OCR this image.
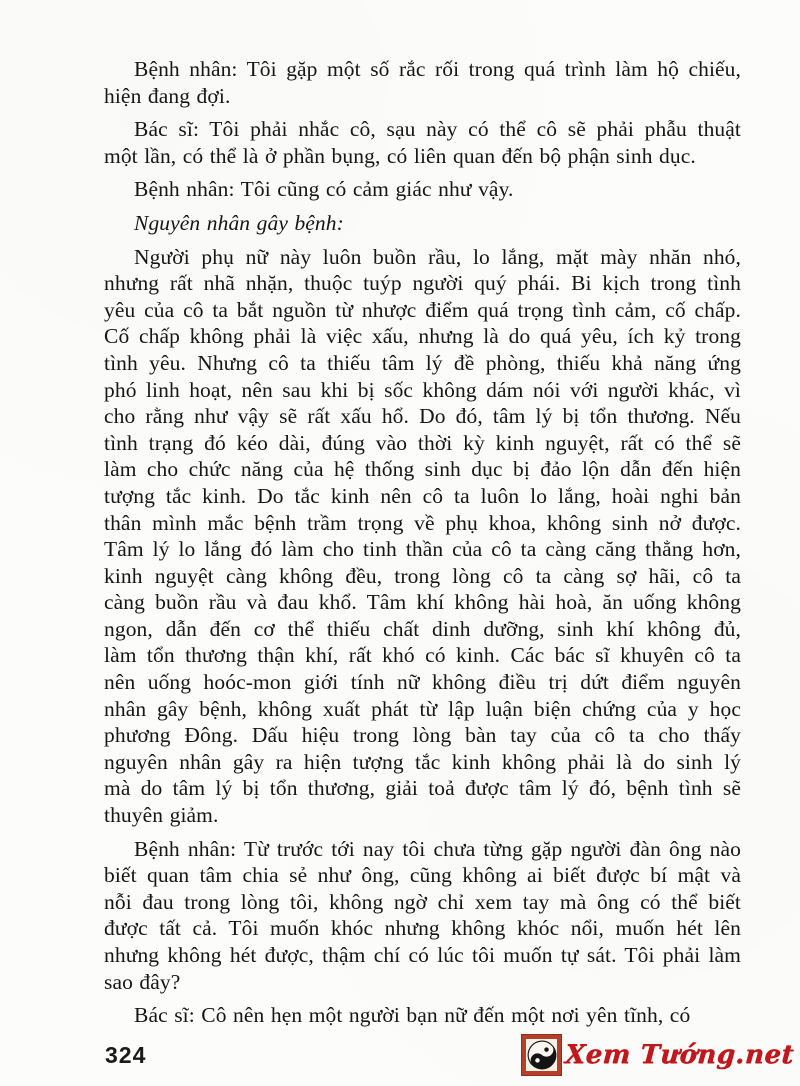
Bệnh nhân: Tôi gặp một số rắc rối trong quá trình làm hộ chiếu,
hiện đang đợi.
Bác sĩ: Tôi phải nhắc cô, sạu này có thể cô sẽ phải phẫu thuật
một lần, có thể là ở phần bụng, có liên quan đến bộ phận sinh dục.
Bệnh nhân: Tôi cũng có cảm giác như vậy.
Nguyên nhân gây bệnh:
Người phụ nữ này luôn buồn rầu, lo lắng, mặt mày nhăn nhó,
nhưng rất nhã nhặn, thuộc tuýp người quý phái. Bi kịch trong tình
yêu của cô ta bắt nguồn từ nhược điểm quá trọng tình cảm, cố chấp.
Cố chấp không phải là việc xấu, nhưng là do quá yêu, ích kỷ trong
tình yêu. Nhưng cô ta thiếu tâm lý đề phòng, thiếu khả năng ứng
phó linh hoạt, nên sau khi bị sốc không dám nói với người khác, vì
cho rằng như vậy sẽ rất xấu hổ. Do đó, tâm lý bị tổn thương. Nếu
tình trạng đó kéo dài, đúng vào thời kỳ kinh nguyệt, rất có thể sẽ
làm cho chức năng của hệ thống sinh dục bị đảo lộn dẫn đến hiện
tượng tắc kinh. Do tắc kinh nên cô ta luôn lo lắng, hoài nghi bản
thân mình mắc bệnh trầm trọng về phụ khoa, không sinh nở được.
Tâm lý lo lắng đó làm cho tinh thần của cô ta càng căng thẳng hơn,
kinh nguyệt càng không đều, trong lòng cô ta càng sợ hãi, cô ta
càng buồn rầu và đau khổ. Tâm khí không hài hoà, ăn uống không
ngon, dẫn đến cơ thể thiếu chất dinh dưỡng, sinh khí không đủ,
làm tổn thương thận khí, rất khó có kinh. Các bác sĩ khuyên cô ta
nên uống hoóc-mon giới tính nữ không điều trị dứt điểm nguyên
nhân gây bệnh, không xuất phát từ lập luận biện chứng của y học
phương Đông. Dấu hiệu trong lòng bàn tay của cô ta cho thấy
nguyên nhân gây ra hiện tượng tắc kinh không phải là do sinh lý
mà do tâm lý bị tổn thương, giải toả được tâm lý đó, bệnh tình sẽ
thuyên giảm.
Bệnh nhân: Từ trước tới nay tôi chưa từng gặp người đàn ông nào
biết quan tâm chia sẻ như ông, cũng không ai biết được bí mật và
nỗi đau trong lòng tôi, không ngờ chỉ xem tay mà ông có thể biết
được tất cả. Tôi muốn khóc nhưng không khóc nổi, muốn hét lên
nhưng không hét được, thậm chí có lúc tôi muốn tự sát. Tôi phải làm
sao đây?
Bác sĩ: Cô nên hẹn một người bạn nữ đến một nơi yên tĩnh, có
324	Xem Tướng.net
